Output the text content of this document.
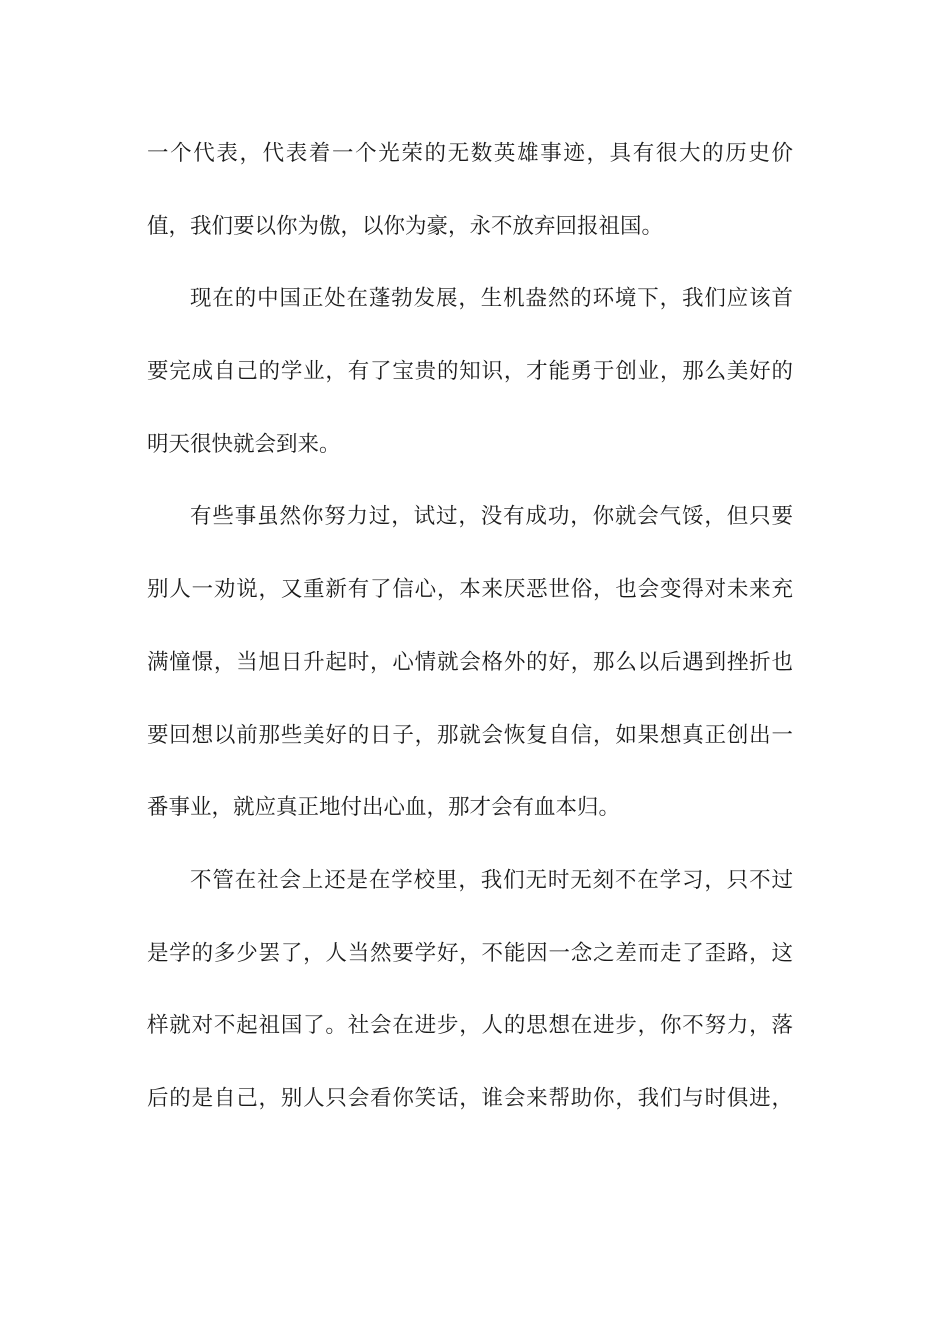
一个代表，代表着一个光荣的无数英雄事迹，具有很大的历史价
值，我们要以你为傲，以你为豪，永不放弃回报祖国。
现在的中国正处在蓬勃发展，生机盎然的环境下，我们应该首
要完成自己的学业，有了宝贵的知识，才能勇于创业，那么美好的
明天很快就会到来。
有些事虽然你努力过，试过，没有成功，你就会气馁，但只要
别人一劝说，又重新有了信心，本来厌恶世俗，也会变得对未来充
满憧憬，当旭日升起时，心情就会格外的好，那么以后遇到挫折也
要回想以前那些美好的日子，那就会恢复自信，如果想真正创出一
番事业，就应真正地付出心血，那才会有血本归。
不管在社会上还是在学校里，我们无时无刻不在学习，只不过
是学的多少罢了，人当然要学好，不能因一念之差而走了歪路，这
样就对不起祖国了。社会在进步，人的思想在进步，你不努力，落
后的是自己，别人只会看你笑话，谁会来帮助你，我们与时俱进，
